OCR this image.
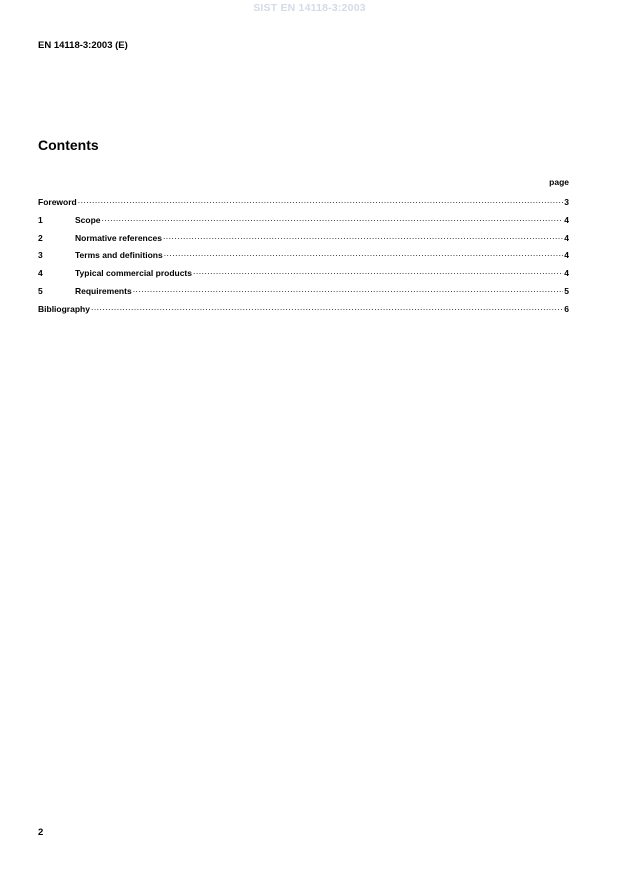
SIST EN 14118-3:2003
EN 14118-3:2003 (E)
Contents
page
Foreword .....	3
1	Scope .....	4
2	Normative references .....	4
3	Terms and definitions .....	4
4	Typical commercial products .....	4
5	Requirements .....	5
Bibliography .....	6
2
